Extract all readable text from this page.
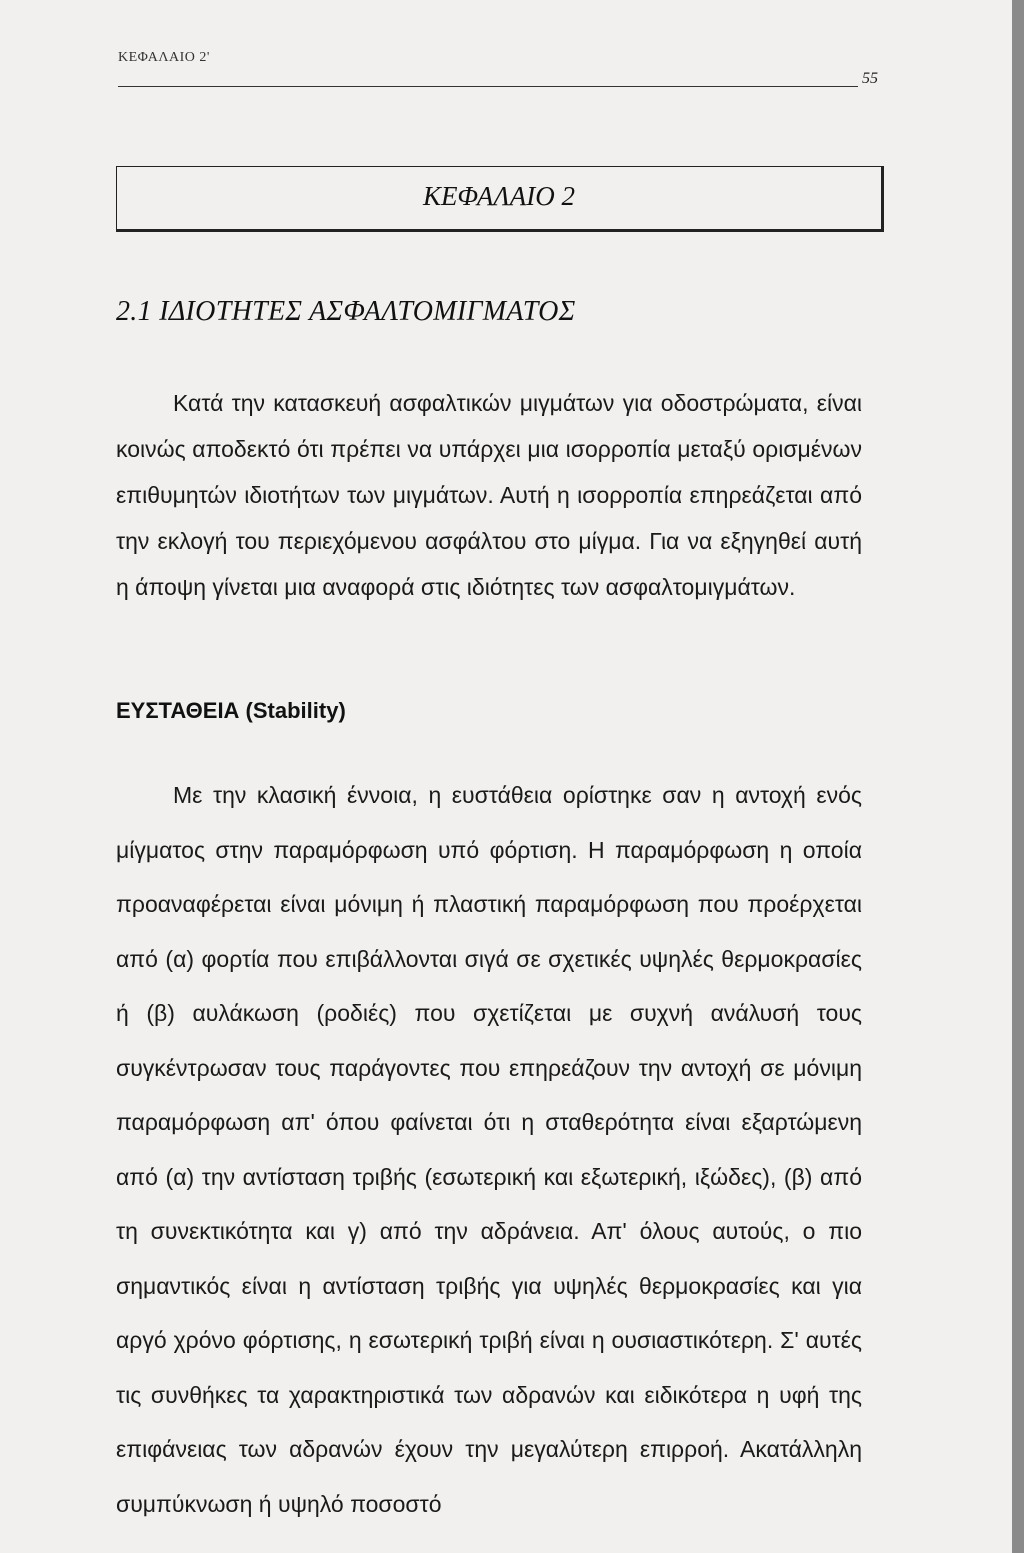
ΚΕΦΑΛΑΙΟ 2'
55
ΚΕΦΑΛΑΙΟ 2
2.1 ΙΔΙΟΤΗΤΕΣ ΑΣΦΑΛΤΟΜΙΓΜΑΤΟΣ
Κατά την κατασκευή ασφαλτικών μιγμάτων για οδοστρώματα, είναι κοινώς αποδεκτό ότι πρέπει να υπάρχει μια ισορροπία μεταξύ ορισμένων επιθυμητών ιδιοτήτων των μιγμάτων. Αυτή η ισορροπία επηρεάζεται από την εκλογή του περιεχόμενου ασφάλτου στο μίγμα. Για να εξηγηθεί αυτή η άποψη γίνεται μια αναφορά στις ιδιότητες των ασφαλτομιγμάτων.
ΕΥΣΤΑΘΕΙΑ (Stability)
Με την κλασική έννοια, η ευστάθεια ορίστηκε σαν η αντοχή ενός μίγματος στην παραμόρφωση υπό φόρτιση. Η παραμόρφωση η οποία προαναφέρεται είναι μόνιμη ή πλαστική παραμόρφωση που προέρχεται από (α) φορτία που επιβάλλονται σιγά σε σχετικές υψηλές θερμοκρασίες ή (β) αυλάκωση (ροδιές) που σχετίζεται με συχνή ανάλυσή τους συγκέντρωσαν τους παράγοντες που επηρεάζουν την αντοχή σε μόνιμη παραμόρφωση απ' όπου φαίνεται ότι η σταθερότητα είναι εξαρτώμενη από (α) την αντίσταση τριβής (εσωτερική και εξωτερική, ιξώδες), (β) από τη συνεκτικότητα και γ) από την αδράνεια. Απ' όλους αυτούς, ο πιο σημαντικός είναι η αντίσταση τριβής για υψηλές θερμοκρασίες και για αργό χρόνο φόρτισης, η εσωτερική τριβή είναι η ουσιαστικότερη. Σ' αυτές τις συνθήκες τα χαρακτηριστικά των αδρανών και ειδικότερα η υφή της επιφάνειας των αδρανών έχουν την μεγαλύτερη επιρροή. Ακατάλληλη συμπύκνωση ή υψηλό ποσοστό
